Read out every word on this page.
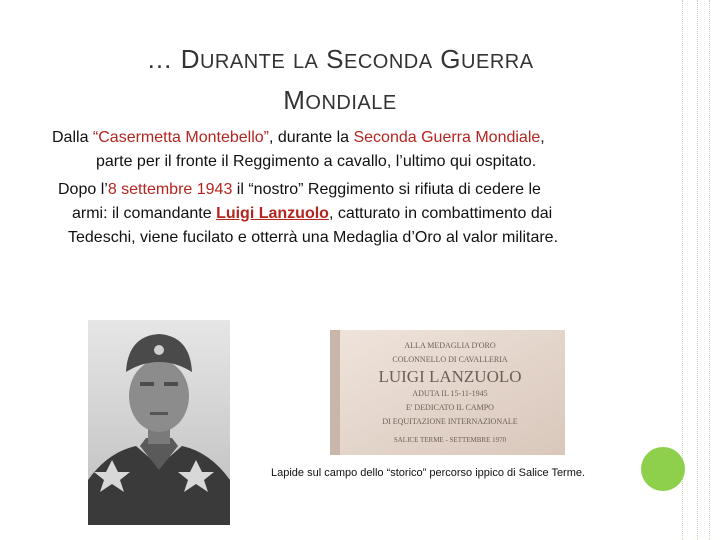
… DURANTE LA SECONDA GUERRA
MONDIALE

Dalla “Casermetta Montebello”, durante la Seconda Guerra Mondiale,
parte per il fronte il Reggimento a cavallo, l’ultimo qui ospitato.

Dopo l’8 settembre 1943 il “nostro” Reggimento si rifiuta di cedere le
armi: il comandante Luigi Lanzuolo, catturato in combattimento dai
Tedeschi, viene fucilato e otterrà una Medaglia d’Oro al valor militare.

ALLA MEDAGLIA D'ORO
COLONNELLO DI CAVALLERIA
LUIGI LANZUOLO
ADUTA IL 15-11-1945
E' DEDICATO IL CAMPO
DI EQUITAZIONE INTERNAZIONALE
SALICE TERME - SETTEMBRE 1970
Lapide sul campo dello “storico” percorso ippico di Salice Terme.
